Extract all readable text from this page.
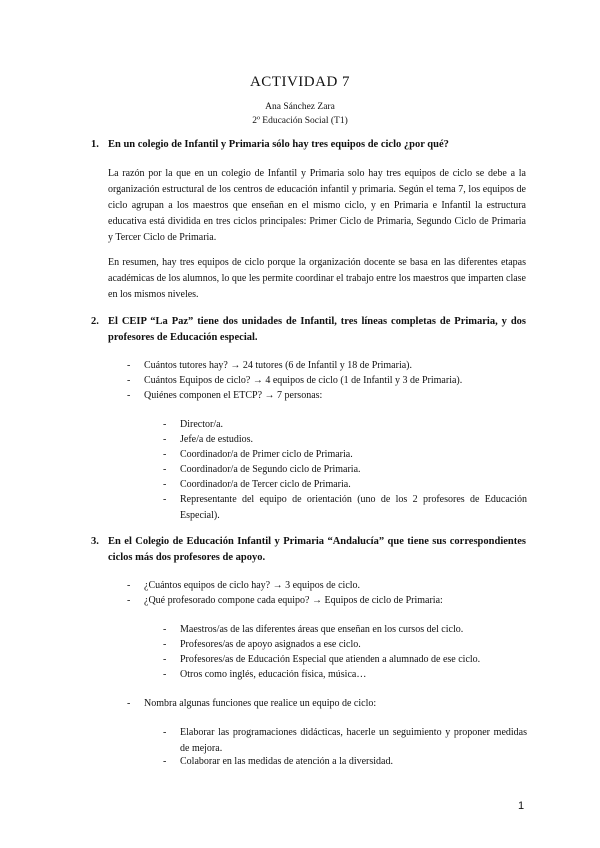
ACTIVIDAD 7
Ana Sánchez Zara
2º Educación Social (T1)
1. En un colegio de Infantil y Primaria sólo hay tres equipos de ciclo ¿por qué?
La razón por la que en un colegio de Infantil y Primaria solo hay tres equipos de ciclo se debe a la organización estructural de los centros de educación infantil y primaria. Según el tema 7, los equipos de ciclo agrupan a los maestros que enseñan en el mismo ciclo, y en Primaria e Infantil la estructura educativa está dividida en tres ciclos principales: Primer Ciclo de Primaria, Segundo Ciclo de Primaria y Tercer Ciclo de Primaria.
En resumen, hay tres equipos de ciclo porque la organización docente se basa en las diferentes etapas académicas de los alumnos, lo que les permite coordinar el trabajo entre los maestros que imparten clase en los mismos niveles.
2. El CEIP “La Paz” tiene dos unidades de Infantil, tres líneas completas de Primaria, y dos profesores de Educación especial.
- Cuántos tutores hay? → 24 tutores (6 de Infantil y 18 de Primaria).
- Cuántos Equipos de ciclo? → 4 equipos de ciclo (1 de Infantil y 3 de Primaria).
- Quiénes componen el ETCP? → 7 personas:
- Director/a.
- Jefe/a de estudios.
- Coordinador/a de Primer ciclo de Primaria.
- Coordinador/a de Segundo ciclo de Primaria.
- Coordinador/a de Tercer ciclo de Primaria.
- Representante del equipo de orientación (uno de los 2 profesores de Educación Especial).
3. En el Colegio de Educación Infantil y Primaria “Andalucía” que tiene sus correspondientes ciclos más dos profesores de apoyo.
- ¿Cuántos equipos de ciclo hay? → 3 equipos de ciclo.
- ¿Qué profesorado compone cada equipo? → Equipos de ciclo de Primaria:
- Maestros/as de las diferentes áreas que enseñan en los cursos del ciclo.
- Profesores/as de apoyo asignados a ese ciclo.
- Profesores/as de Educación Especial que atienden a alumnado de ese ciclo.
- Otros como inglés, educación física, música…
- Nombra algunas funciones que realice un equipo de ciclo:
- Elaborar las programaciones didácticas, hacerle un seguimiento y proponer medidas de mejora.
- Colaborar en las medidas de atención a la diversidad.
1
